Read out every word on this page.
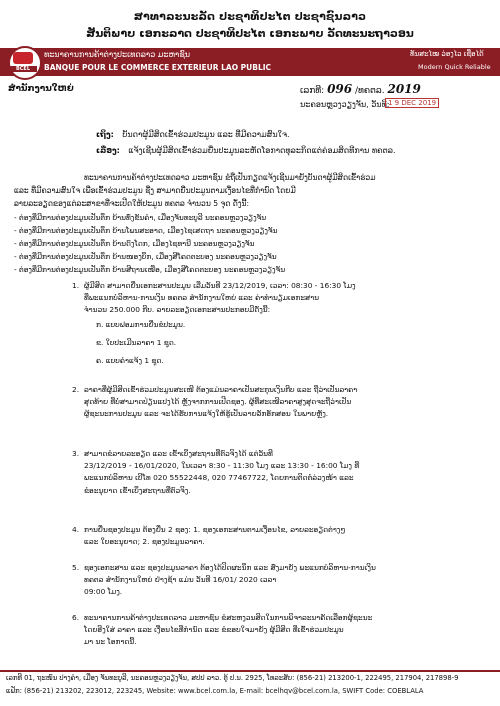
ສາທາລະນະລັດ ປະຊາທິປະໄຕ ປະຊາຊົນລາວ
ສັນຕິພາບ ເອກະລາດ ປະຊາທິປະໄຕ ເອກະພາບ ວັດທະນະຖາວອນ
BCEL
ທະນາຄານການຄ້າຕ່າງປະເທດລາວ ມະຫາຊົນ
BANQUE POUR LE COMMERCE EXTERIEUR LAO PUBLIC
ທັນສະໄໝ ວ່ອງໄວ ເຊື່ອໄດ້
Modern Quick Reliable
ສຳນັກງານໃຫຍ່	ເລກທີ: 096 /ທຄຕລ. 2019
ນະຄອນຫຼວງວຽງຈັນ, ວັນທີ:
1 9 DEC 2019
ເຖິງ: ບັນດາຜູ້ມີສິດເຂົ້າຮ່ວມປະມູນ ແລະ ທີ່ມີຄວາມສົນໃຈ.
ເລື່ອງ: ແຈ້ງເຊີນຜູ້ມີສິດເຂົ້າຮ່ວມຍື່ນປະມູນລະຫັດໂອກາດທຸລະກິດແຕ່ຄ່ອມສິດທີການ ທຄຕລ.
ທະນາຄານການຄ້າຕ່າງປະເທດລາວ ມະຫາຊົນ ຂໍຖືເປັນກຽດແຈ້ງເຊີນມາຍັງບັນດາຜູ້ມີສິດເຂົ້າຮ່ວມ
ແລະ ທີ່ມີຄວາມສົນໃຈ ເພື່ອເຂົ້າຮ່ວມປະມູນ ຊື່ງ ສາມາດຍື່ນປະມູນຕາມເງື່ອນໄຂທີ່ກຳນົດ ໂດຍມີ
ລາຍລະອຽດຂອງແຕ່ລະສາຂາທີ່ຈະເປີດໃຫ້ປະມູນ ທຄຕລ ຈຳນວນ 5 ຈຸດ ດັ່ງນີ້:
- ຕ່ອງທີ່ມີການຕ່ອງປະມູນເປັນຕຶກ ບ້ານທົ່ງຂັນຄຳ, ເມືອງຈັນທະບູລີ ນະຄອນຫຼວງວຽງຈັນ
- ຕ່ອງທີ່ມີການຕ່ອງປະມູນເປັນຕຶກ ບ້ານໂພນສະອາດ, ເມືອງໄຊເສດຖາ ນະຄອນຫຼວງວຽງຈັນ
- ຕ່ອງທີ່ມີການຕ່ອງປະມູນເປັນຕຶກ ບ້ານດົງໂດກ, ເມືອງໄຊທານີ ນະຄອນຫຼວງວຽງຈັນ
- ຕ່ອງທີ່ມີການຕ່ອງປະມູນເປັນຕຶກ ບ້ານໜອງບຶກ, ເມືອງສີໂຄດຕະບອງ ນະຄອນຫຼວງວຽງຈັນ
- ຕ່ອງທີ່ມີການຕ່ອງປະມູນເປັນຕຶກ ບ້ານສີຖານເໜືອ, ເມືອງສີໂຄດຕະບອງ ນະຄອນຫຼວງວຽງຈັນ
1. ຜູ້ມີສິດ ສາມາດຍື່ນເອກະສານປະມູນ ເລີ່ມວັນທີ 23/12/2019, ເວລາ: 08:30 - 16:30 ໂມງ
ທີ່ພະແນກບໍລິຫານ-ການເງິນ ທຄຕລ ສຳນັກງານໃຫຍ່ ແລະ ຄ່າທຳນຽມເອກະສານ
ຈຳນວນ 250.000 ກີບ. ລາຍລະອຽດເອກະສານປະກອບມີດັ່ງນີ້:
ກ. ແບບຟອມການຍື່ນຂໍປະມູນ.
ຂ. ໃບປະເມີນລາຄາ 1 ຊຸດ.
ຄ. ແບບຄຳແຈ້ງ 1 ຊຸດ.
2. ລາຄາທີ່ຜູ້ມີສິດເຂົ້າຮ່ວມປະມູນສະເໜີ ຕ້ອງແມ່ນລາຄາເປັນສະກຸນເງິນກີບ ແລະ ຖືວ່າເປັນລາຄາ
ສຸດທ້າຍ ທີ່ບໍ່ສາມາດປ່ຽນແປງໄດ້ ຫຼັງຈາກການເປີດຊອງ. ຜູ້ທີ່ສະເໜີລາຄາສູງສຸດຈະຖືວ່າເປັນ
ຜູ້ຊະນະການປະມູນ ແລະ ຈະໄດ້ຮັບການແຈ້ງໃຫ້ຮູ້ເປັນລາຍລັກອັກສອນ ໃນພາຍຫຼັງ.
3. ສາມາດຂໍລາຍລະອຽດ ແລະ ເຂົ້າເບິ່ງສະຖານທີ່ຕົວຈິງໄດ້ ແຕ່ວັນທີ
23/12/2019 - 16/01/2020, ໃນເວລາ 8:30 - 11:30 ໂມງ ແລະ 13:30 - 16:00 ໂມງ ທີ່
ພະແນກບໍລິຫານ ເບີໂທ 020 55522448, 020 77467722, ໂດຍການຕິດຕໍ່ລ່ວງໜ້າ ແລະ
ຂໍອະນຸຍາດ ເຂົ້າເບິ່ງສະຖານທີ່ຕົວຈິງ.
4. ການຍື່ນຊອງປະມູນ ຕ້ອງຍື່ນ 2 ຊອງ: 1. ຊອງເອກະສານຕາມເງື່ອນໄຂ, ລາຍລະອຽດຕ່າງໆ
ແລະ ໃບອະນຸຍາດ; 2. ຊອງປະມູນລາຄາ.
5. ຊອງເອກະສານ ແລະ ຊອງປະມູນລາຄາ ຕ້ອງໄດ້ປິດຜະນຶກ ແລະ ສົ່ງມາຍັງ ພະແນກບໍລິຫານ-ການເງິນ
ທຄຕລ ສຳນັກງານໃຫຍ່ ຢ່າງຊ້າ ແມ່ນ ວັນທີ 16/01/ 2020 ເວລາ
09:00 ໂມງ.
6. ທະນາຄານການຄ້າຕ່າງປະເທດລາວ ມະຫາຊົນ ຂໍສະຫງວນສິດໃນການພິຈາລະນາຄັດເລືອກຜູ້ຊະນະ
ໂດຍອີງໃສ່ ລາຄາ ແລະ ເງື່ອນໄຂທີ່ກຳນົດ ແລະ ຂໍຂອບໃຈມາຍັງ ຜູ້ມີສິດ ທີ່ເຂົ້າຮ່ວມປະມູນ
ມາ ນະ ໂອກາດນີ້.
ເລກທີ 01, ຖະໜົນ ປາງຄຳ, ເມືອງ ຈັນທະບູລີ, ນະຄອນຫຼວງວຽງຈັນ, ສປປ ລາວ. ຕູ້ ປ.ນ. 2925, ໂທລະສັບ: (856-21) 213200-1, 222495, 217904, 217898-9
ແຟັກ: (856-21) 213202, 223012, 223245, Website: www.bcel.com.la, E-mail: bcelhqv@bcel.com.la, SWIFT Code: COEBLALA
